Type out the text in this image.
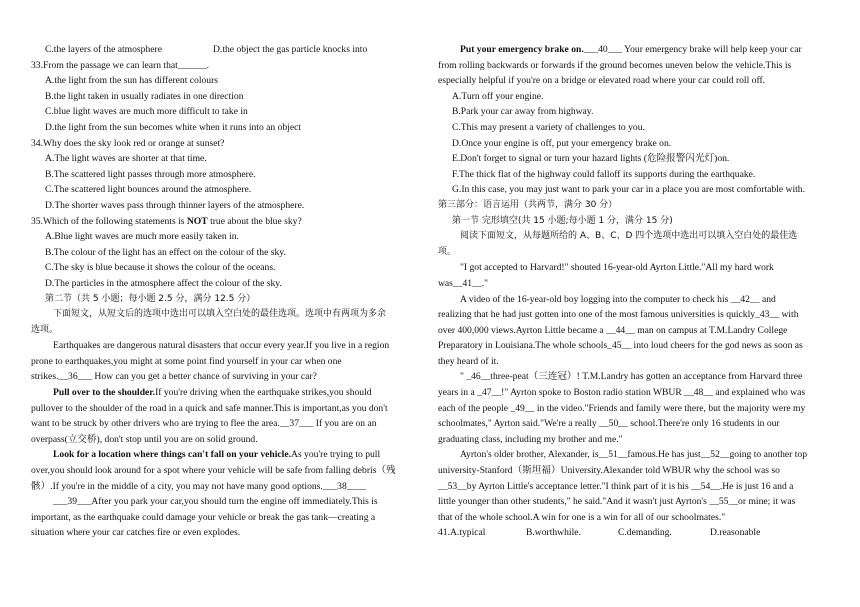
C.the layers of the atmosphere	D.the object the gas particle knocks into
33.From the passage we can learn that______.
A.the light from the sun has different colours
B.the light taken in usually radiates in one direction
C.blue light waves are much more difficult to take in
D.the light from the sun becomes white when it runs into an object
34.Why does the sky look red or orange at sunset?
A.The light waves are shorter at that time.
B.The scattered light passes through more atmosphere.
C.The scattered light bounces around the atmosphere.
D.The shorter waves pass through thinner layers of the atmosphere.
35.Which of the following statements is NOT true about the blue sky?
A.Blue light waves are much more easily taken in.
B.The colour of the light has an effect on the colour of the sky.
C.The sky is blue because it shows the colour of the oceans.
D.The particles in the atmosphere affect the colour of the sky.
第二节（共 5 小题；每小题 2.5 分，满分 12.5 分）
下面短文，从短文后的选项中选出可以填入空白处的最佳选项。选项中有两项为多余
选项。
Earthquakes are dangerous natural disasters that occur every year.If you live in a region
prone to earthquakes,you might at some point find yourself in your car when one
strikes.__36___ How can you get a better chance of surviving in your car?
Pull over to the shoulder.If you're driving when the earthquake strikes,you should
pullover to the shoulder of the road in a quick and safe manner.This is important,as you don't
want to be struck by other drivers who are trying to flee the area.__37___ If you are on an
overpass(立交桥), don't stop until you are on solid ground.
Look for a location where things can't fall on your vehicle.As you're trying to pull
over,you should look around for a spot where your vehicle will be safe from falling debris（残
骸）.If you're in the middle of a city, you may not have many good options.___38____
___39___After you park your car,you should turn the engine off immediately.This is
important, as the earthquake could damage your vehicle or break the gas tank—creating a
situation where your car catches fire or even explodes.
Put your emergency brake on.___40___ Your emergency brake will help keep your car
from rolling backwards or forwards if the ground becomes uneven below the vehicle.This is
especially helpful if you're on a bridge or elevated road where your car could roll off.
A.Turn off your engine.
B.Park your car away from highway.
C.This may present a variety of challenges to you.
D.Once your engine is off, put your emergency brake on.
E.Don't forget to signal or turn your hazard lights (危险报警闪光灯)on.
F.The thick flat of the highway could falloff its supports during the earthquake.
G.In this case, you may just want to park your car in a place you are most comfortable with.
第三部分：语言运用（共两节，满分 30 分）
第一节 完形填空(共 15 小题;每小题 1 分，满分 15 分)
阅读下面短文，从每题所给的 A、B、C、D 四个选项中选出可以填入空白处的最佳选
项。
"I got accepted to Harvard!" shouted 16-year-old Ayrton Little."All my hard work
was__41__."
A video of the 16-year-old boy logging into the computer to check his __42__ and
realizing that he had just gotten into one of the most famous universities is quickly_43__ with
over 400,000 views.Ayrton Little became a __44__ man on campus at T.M.Landry College
Preparatory in Louisiana.The whole schools_45__ into loud cheers for the god news as soon as
they heard of it.
" _46__three-peat（三连冠）! T.M.Landry has gotten an acceptance from Harvard three
years in a _47__!" Ayrton spoke to Boston radio station WBUR __48__ and explained who was
each of the people _49__ in the video."Friends and family were there, but the majority were my
schoolmates," Ayrton said."We're a really __50__ school.There're only 16 students in our
graduating class, including my brother and me."
Ayrton's older brother, Alexander, is__51__famous.He has just__52__going to another top
university-Stanford（斯坦福）University.Alexander told WBUR why the school was so
__53__by Ayrton Little's acceptance letter."I think part of it is his __54__.He is just 16 and a
little younger than other students," he said."And it wasn't just Ayrton's __55__or mine; it was
that of the whole school.A win for one is a win for all of our schoolmates."
41.A.typical	B.worthwhile.	C.demanding.	D.reasonable
